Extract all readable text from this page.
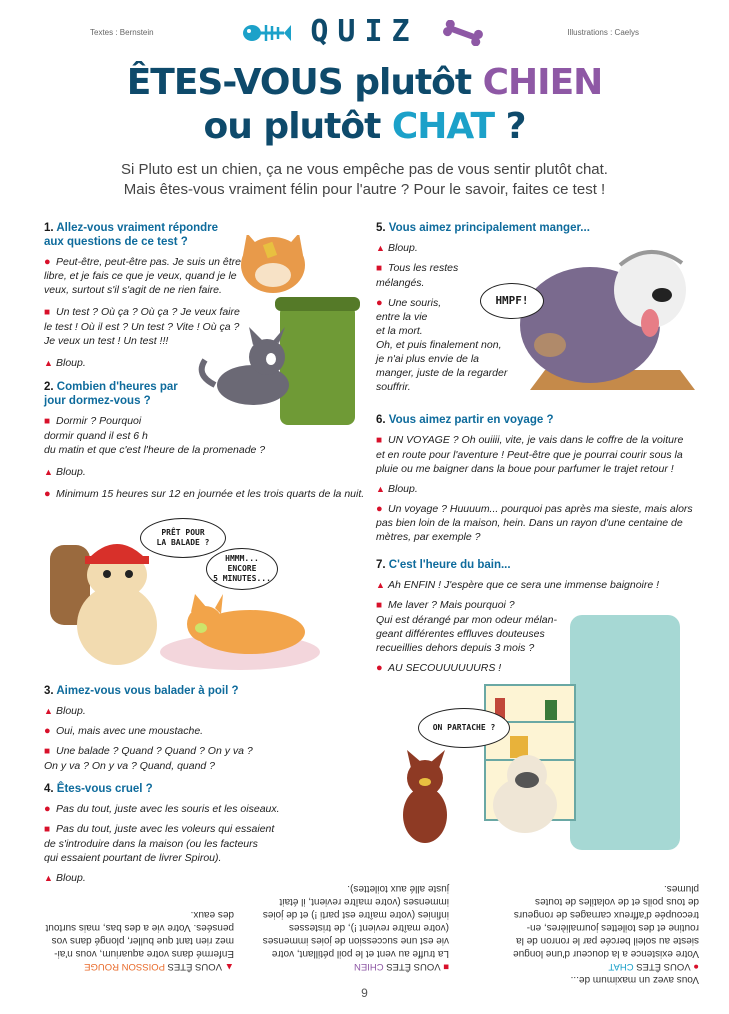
Textes : Bernstein	Illustrations : Caelys
QUIZ
ÊTES-VOUS plutôt CHIEN
ou plutôt CHAT ?
Si Pluto est un chien, ça ne vous empêche pas de vous sentir plutôt chat.
Mais êtes-vous vraiment félin pour l'autre ? Pour le savoir, faites ce test !
1. Allez-vous vraiment répondre
aux questions de ce test ?
● Peut-être, peut-être pas. Je suis un être
libre, et je fais ce que je veux, quand je le
veux, surtout s'il s'agit de ne rien faire.
■ Un test ? Où ça ? Où ça ? Je veux faire
le test ! Où il est ? Un test ? Vite ! Où ça ?
Je veux un test ! Un test !!!
▲ Bloup.
2. Combien d'heures par
jour dormez-vous ?
■ Dormir ? Pourquoi
dormir quand il est 6 h
du matin et que c'est l'heure de la promenade ?
▲ Bloup.
● Minimum 15 heures sur 12 en journée et les trois quarts de la nuit.
PRÊT POUR
LA BALADE ?
HMMM...
ENCORE
5 MINUTES...
3. Aimez-vous vous balader à poil ?
▲ Bloup.
● Oui, mais avec une moustache.
■ Une balade ? Quand ? Quand ? On y va ?
On y va ? On y va ? Quand, quand ?
4. Êtes-vous cruel ?
● Pas du tout, juste avec les souris et les oiseaux.
■ Pas du tout, juste avec les voleurs qui essaient
de s'introduire dans la maison (ou les facteurs
qui essaient pourtant de livrer Spirou).
▲ Bloup.
5. Vous aimez principalement manger...
▲ Bloup.
■ Tous les restes
mélangés.
● Une souris,
entre la vie
et la mort.
Oh, et puis finalement non,
je n'ai plus envie de la
manger, juste de la regarder
souffrir.
HMPF!
6. Vous aimez partir en voyage ?
■ UN VOYAGE ? Oh ouiiii, vite, je vais dans le coffre de la voiture
et en route pour l'aventure ! Peut-être que je pourrai courir sous la
pluie ou me baigner dans la boue pour parfumer le trajet retour !
▲ Bloup.
● Un voyage ? Huuuum... pourquoi pas après ma sieste, mais alors
pas bien loin de la maison, hein. Dans un rayon d'une centaine de
mètres, par exemple ?
7. C'est l'heure du bain...
▲ Ah ENFIN ! J'espère que ce sera une immense baignoire !
■ Me laver ? Mais pourquoi ?
Qui est dérangé par mon odeur mélan-
geant différentes effluves douteuses
recueillies dehors depuis 3 mois ?
● AU SECOUUUUUURS !
ON PARTACHE ?
Vous avez un maximum de...
● VOUS ÊTES CHAT
Votre existence a la douceur d'une longue
sieste au soleil bercée par le ronron de la
routine et des toilettes journalières, en-
trecoupée d'affreux carnages de rongeurs
de tous poils et de volatiles de toutes
plumes.
■ VOUS ÊTES CHIEN
La truffe au vent et le poil pétillant, votre
vie est une succession de joies immenses
(votre maître revient !), de tristesses
infinies (votre maître est parti !) et de joies
immenses (votre maître revient, il était
juste allé aux toilettes).
▲ VOUS ÊTES POISSON ROUGE
Enfermé dans votre aquarium, vous n'ai-
mez rien tant que buller, plongé dans vos
pensées. Votre vie a des bas, mais surtout
des eaux.
9
